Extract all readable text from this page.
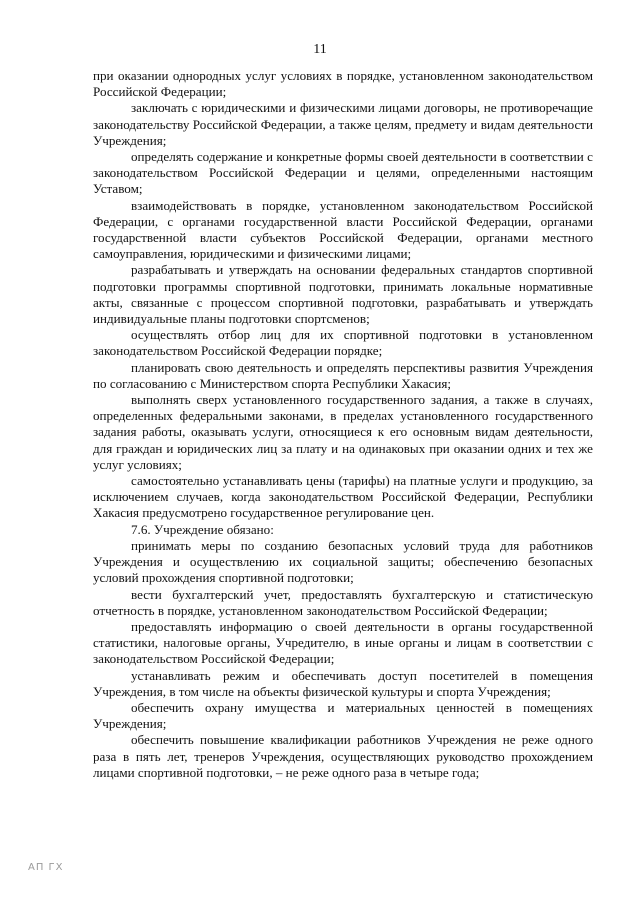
11

при оказании однородных услуг условиях в порядке, установленном законодательством Российской Федерации;

заключать с юридическими и физическими лицами договоры, не противоречащие законодательству Российской Федерации, а также целям, предмету и видам деятельности Учреждения;

определять содержание и конкретные формы своей деятельности в соответствии с законодательством Российской Федерации и целями, определенными настоящим Уставом;

взаимодействовать в порядке, установленном законодательством Российской Федерации, с органами государственной власти Российской Федерации, органами государственной власти субъектов Российской Федерации, органами местного самоуправления, юридическими и физическими лицами;

разрабатывать и утверждать на основании федеральных стандартов спортивной подготовки программы спортивной подготовки, принимать локальные нормативные акты, связанные с процессом спортивной подготовки, разрабатывать и утверждать индивидуальные планы подготовки спортсменов;

осуществлять отбор лиц для их спортивной подготовки в установленном законодательством Российской Федерации порядке;

планировать свою деятельность и определять перспективы развития Учреждения по согласованию с Министерством спорта Республики Хакасия;

выполнять сверх установленного государственного задания, а также в случаях, определенных федеральными законами, в пределах установленного государственного задания работы, оказывать услуги, относящиеся к его основным видам деятельности, для граждан и юридических лиц за плату и на одинаковых при оказании одних и тех же услуг условиях;

самостоятельно устанавливать цены (тарифы) на платные услуги и продукцию, за исключением случаев, когда законодательством Российской Федерации, Республики Хакасия предусмотрено государственное регулирование цен.

7.6. Учреждение обязано:

принимать меры по созданию безопасных условий труда для работников Учреждения и осуществлению их социальной защиты; обеспечению безопасных условий прохождения спортивной подготовки;

вести бухгалтерский учет, предоставлять бухгалтерскую и статистическую отчетность в порядке, установленном законодательством Российской Федерации;

предоставлять информацию о своей деятельности в органы государственной статистики, налоговые органы, Учредителю, в иные органы и лицам в соответствии с законодательством Российской Федерации;

устанавливать режим и обеспечивать доступ посетителей в помещения Учреждения, в том числе на объекты физической культуры и спорта Учреждения;

обеспечить охрану имущества и материальных ценностей в помещениях Учреждения;

обеспечить повышение квалификации работников Учреждения не реже одного раза в пять лет, тренеров Учреждения, осуществляющих руководство прохождением лицами спортивной подготовки, – не реже одного раза в четыре года;

АП ГХ
